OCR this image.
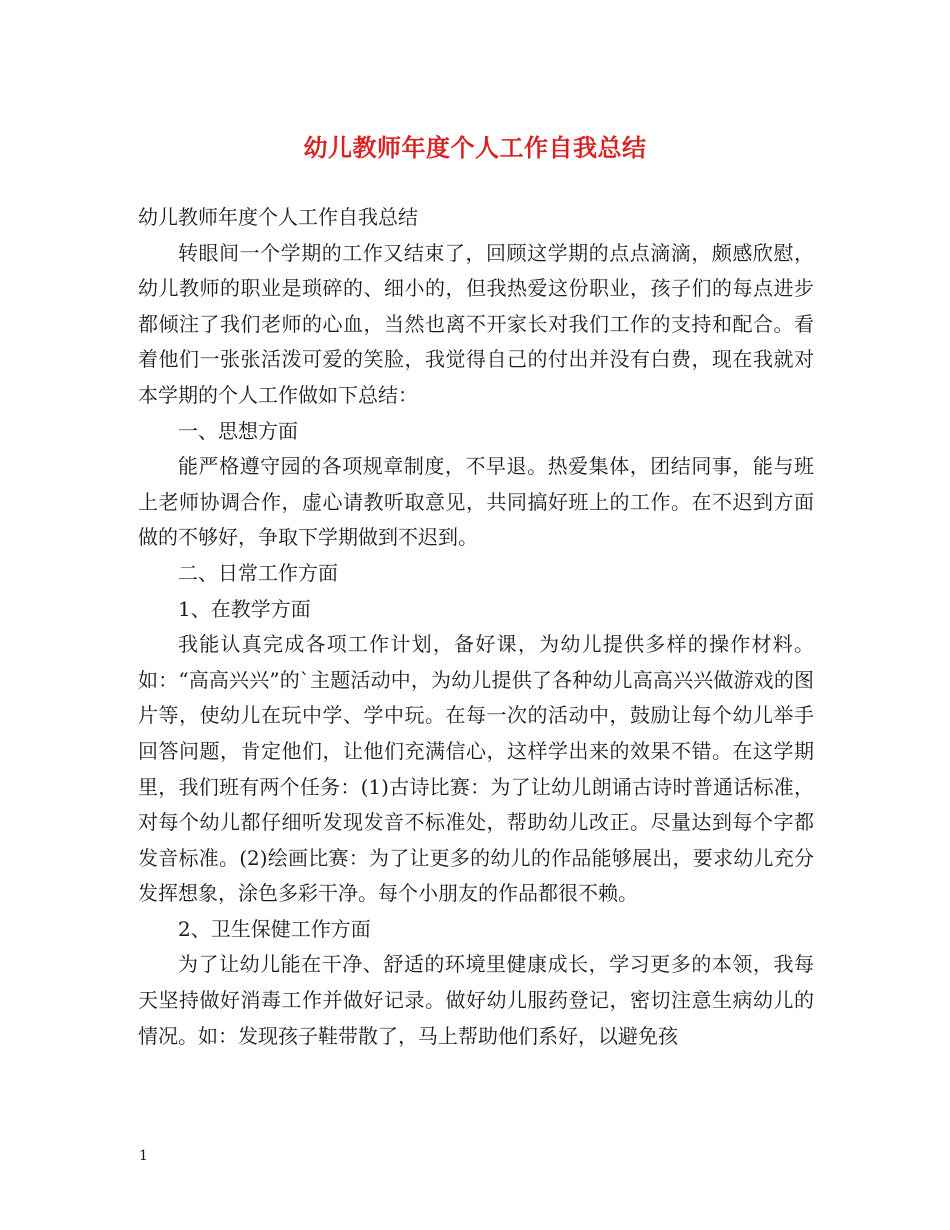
幼儿教师年度个人工作自我总结

幼儿教师年度个人工作自我总结

转眼间一个学期的工作又结束了，回顾这学期的点点滴滴，颇感欣慰，幼儿教师的职业是琐碎的、细小的，但我热爱这份职业，孩子们的每点进步都倾注了我们老师的心血，当然也离不开家长对我们工作的支持和配合。看着他们一张张活泼可爱的笑脸，我觉得自己的付出并没有白费，现在我就对本学期的个人工作做如下总结：

一、思想方面

能严格遵守园的各项规章制度，不早退。热爱集体，团结同事，能与班上老师协调合作，虚心请教听取意见，共同搞好班上的工作。在不迟到方面做的不够好，争取下学期做到不迟到。

二、日常工作方面

1、在教学方面

我能认真完成各项工作计划，备好课，为幼儿提供多样的操作材料。如：“高高兴兴”的`主题活动中，为幼儿提供了各种幼儿高高兴兴做游戏的图片等，使幼儿在玩中学、学中玩。在每一次的活动中，鼓励让每个幼儿举手回答问题，肯定他们，让他们充满信心，这样学出来的效果不错。在这学期里，我们班有两个任务：(1)古诗比赛：为了让幼儿朗诵古诗时普通话标准，对每个幼儿都仔细听发现发音不标准处，帮助幼儿改正。尽量达到每个字都发音标准。(2)绘画比赛：为了让更多的幼儿的作品能够展出，要求幼儿充分发挥想象，涂色多彩干净。每个小朋友的作品都很不赖。

2、卫生保健工作方面

为了让幼儿能在干净、舒适的环境里健康成长，学习更多的本领，我每天坚持做好消毒工作并做好记录。做好幼儿服药登记，密切注意生病幼儿的情况。如：发现孩子鞋带散了，马上帮助他们系好，以避免孩

1
